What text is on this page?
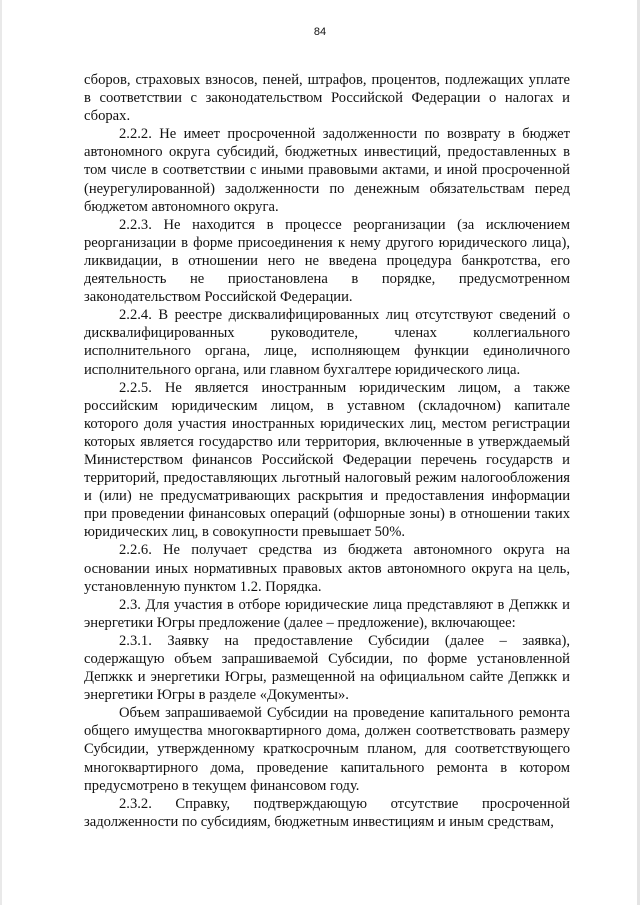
84

сборов, страховых взносов, пеней, штрафов, процентов, подлежащих уплате в соответствии с законодательством Российской Федерации о налогах и сборах.

2.2.2. Не имеет просроченной задолженности по возврату в бюджет автономного округа субсидий, бюджетных инвестиций, предоставленных в том числе в соответствии с иными правовыми актами, и иной просроченной (неурегулированной) задолженности по денежным обязательствам перед бюджетом автономного округа.

2.2.3. Не находится в процессе реорганизации (за исключением реорганизации в форме присоединения к нему другого юридического лица), ликвидации, в отношении него не введена процедура банкротства, его деятельность не приостановлена в порядке, предусмотренном законодательством Российской Федерации.

2.2.4. В реестре дисквалифицированных лиц отсутствуют сведений о дисквалифицированных руководителе, членах коллегиального исполнительного органа, лице, исполняющем функции единоличного исполнительного органа, или главном бухгалтере юридического лица.

2.2.5. Не является иностранным юридическим лицом, а также российским юридическим лицом, в уставном (складочном) капитале которого доля участия иностранных юридических лиц, местом регистрации которых является государство или территория, включенные в утверждаемый Министерством финансов Российской Федерации перечень государств и территорий, предоставляющих льготный налоговый режим налогообложения и (или) не предусматривающих раскрытия и предоставления информации при проведении финансовых операций (офшорные зоны) в отношении таких юридических лиц, в совокупности превышает 50%.

2.2.6. Не получает средства из бюджета автономного округа на основании иных нормативных правовых актов автономного округа на цель, установленную пунктом 1.2. Порядка.

2.3. Для участия в отборе юридические лица представляют в Депжкк и энергетики Югры предложение (далее – предложение), включающее:

2.3.1. Заявку на предоставление Субсидии (далее – заявка), содержащую объем запрашиваемой Субсидии, по форме установленной Депжкк и энергетики Югры, размещенной на официальном сайте Депжкк и энергетики Югры в разделе «Документы».

Объем запрашиваемой Субсидии на проведение капитального ремонта общего имущества многоквартирного дома, должен соответствовать размеру Субсидии, утвержденному краткосрочным планом, для соответствующего многоквартирного дома, проведение капитального ремонта в котором предусмотрено в текущем финансовом году.

2.3.2. Справку, подтверждающую отсутствие просроченной задолженности по субсидиям, бюджетным инвестициям и иным средствам,
